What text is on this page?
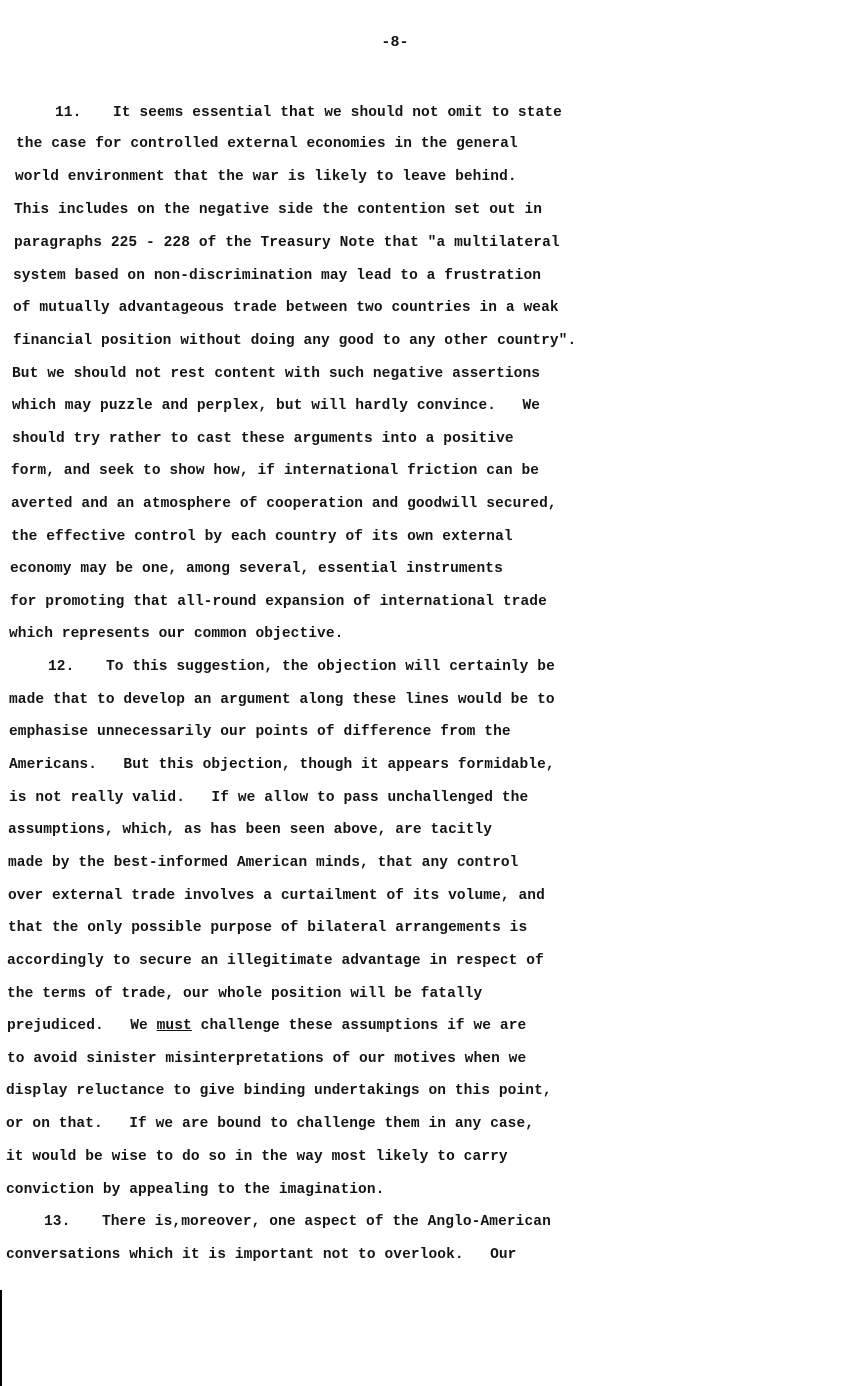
-8-
11. It seems essential that we should not omit to state
the case for controlled external economies in the general
world environment that the war is likely to leave behind.
This includes on the negative side the contention set out in
paragraphs 225 - 228 of the Treasury Note that "a multilateral
system based on non-discrimination may lead to a frustration
of mutually advantageous trade between two countries in a weak
financial position without doing any good to any other country".
But we should not rest content with such negative assertions
which may puzzle and perplex, but will hardly convince.   We
should try rather to cast these arguments into a positive
form, and seek to show how, if international friction can be
averted and an atmosphere of cooperation and goodwill secured,
the effective control by each country of its own external
economy may be one, among several, essential instruments
for promoting that all-round expansion of international trade
which represents our common objective.
12. To this suggestion, the objection will certainly be
made that to develop an argument along these lines would be to
emphasise unnecessarily our points of difference from the
Americans.   But this objection, though it appears formidable,
is not really valid.   If we allow to pass unchallenged the
assumptions, which, as has been seen above, are tacitly
made by the best-informed American minds, that any control
over external trade involves a curtailment of its volume, and
that the only possible purpose of bilateral arrangements is
accordingly to secure an illegitimate advantage in respect of
the terms of trade, our whole position will be fatally
prejudiced.   We must challenge these assumptions if we are
to avoid sinister misinterpretations of our motives when we
display reluctance to give binding undertakings on this point,
or on that.   If we are bound to challenge them in any case,
it would be wise to do so in the way most likely to carry
conviction by appealing to the imagination.
13. There is,moreover, one aspect of the Anglo-American
conversations which it is important not to overlook.   Our
